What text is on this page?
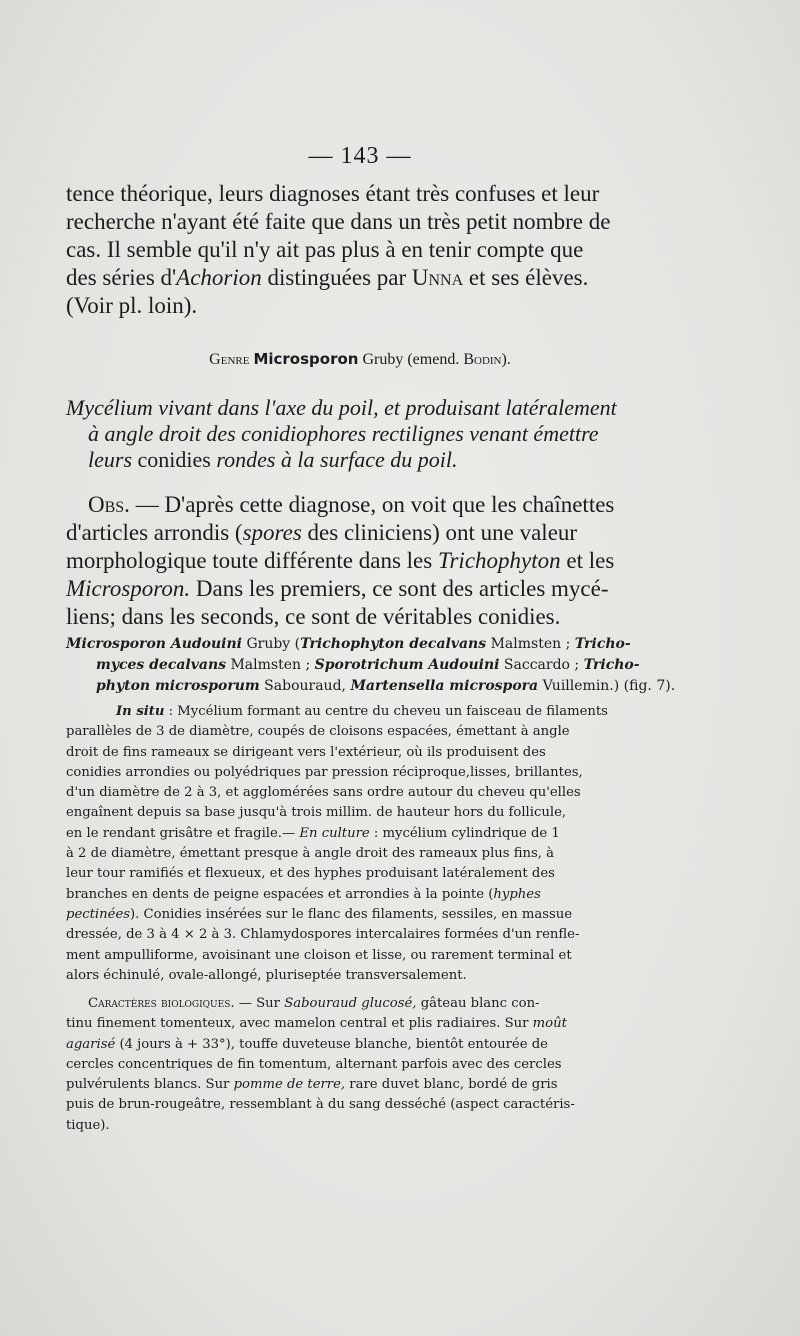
— 143 —
tence théorique, leurs diagnoses étant très confuses et leur
recherche n'ayant été faite que dans un très petit nombre de
cas. Il semble qu'il n'y ait pas plus à en tenir compte que
des séries d'Achorion distinguées par Unna et ses élèves.
(Voir pl. loin).
Genre Microsporon Gruby (emend. Bodin).
Mycélium vivant dans l'axe du poil, et produisant latéralement
à angle droit des conidiophores rectilignes venant émettre
leurs conidies rondes à la surface du poil.
Obs. — D'après cette diagnose, on voit que les chaînettes
d'articles arrondis (spores des cliniciens) ont une valeur
morphologique toute différente dans les Trichophyton et les
Microsporon. Dans les premiers, ce sont des articles mycé-
liens; dans les seconds, ce sont de véritables conidies.
Microsporon Audouini Gruby (Trichophyton decalvans Malmsten ; Tricho-
myces decalvans Malmsten ; Sporotrichum Audouini Saccardo ; Tricho-
phyton microsporum Sabouraud, Martensella microspora Vuillemin.) (fig. 7).
In situ : Mycélium formant au centre du cheveu un faisceau de filaments
parallèles de 3 de diamètre, coupés de cloisons espacées, émettant à angle
droit de fins rameaux se dirigeant vers l'extérieur, où ils produisent des
conidies arrondies ou polyédriques par pression réciproque,lisses, brillantes,
d'un diamètre de 2 à 3, et agglomérées sans ordre autour du cheveu qu'elles
engaînent depuis sa base jusqu'à trois millim. de hauteur hors du follicule,
en le rendant grisâtre et fragile.— En culture : mycélium cylindrique de 1
à 2 de diamètre, émettant presque à angle droit des rameaux plus fins, à
leur tour ramifiés et flexueux, et des hyphes produisant latéralement des
branches en dents de peigne espacées et arrondies à la pointe (hyphes
pectinées). Conidies insérées sur le flanc des filaments, sessiles, en massue
dressée, de 3 à 4 × 2 à 3. Chlamydospores intercalaires formées d'un renfle-
ment ampulliforme, avoisinant une cloison et lisse, ou rarement terminal et
alors échinulé, ovale-allongé, pluriseptée transversalement.
Caractères biologiques. — Sur Sabouraud glucosé, gâteau blanc con-
tinu finement tomenteux, avec mamelon central et plis radiaires. Sur moût
agarisé (4 jours à + 33°), touffe duveteuse blanche, bientôt entourée de
cercles concentriques de fin tomentum, alternant parfois avec des cercles
pulvérulents blancs. Sur pomme de terre, rare duvet blanc, bordé de gris
puis de brun-rougeâtre, ressemblant à du sang desséché (aspect caractéris-
tique).
